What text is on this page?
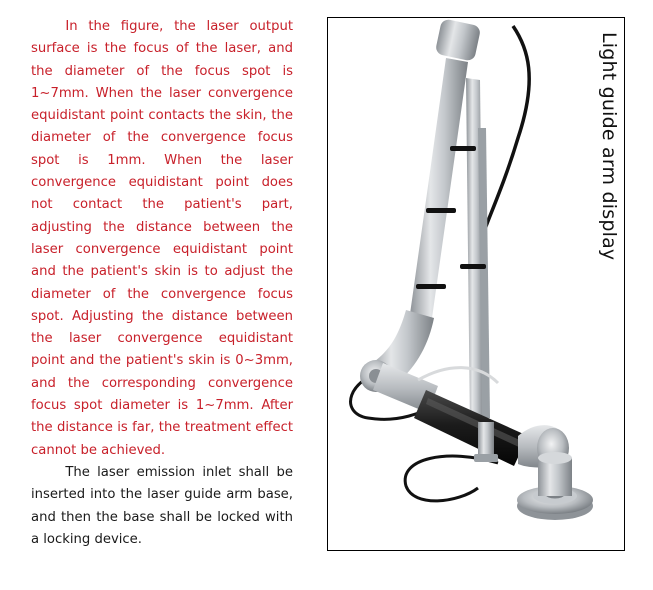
In the figure, the laser output surface is the focus of the laser, and the diameter of the focus spot is 1~7mm. When the laser convergence equidistant point contacts the skin, the diameter of the convergence focus spot is 1mm. When the laser convergence equidistant point does not contact the patient's part, adjusting the distance between the laser convergence equidistant point and the patient's skin is to adjust the diameter of the convergence focus spot. Adjusting the distance between the laser convergence equidistant point and the patient's skin is 0~3mm, and the corresponding convergence focus spot diameter is 1~7mm. After the distance is far, the treatment effect cannot be achieved.

The laser emission inlet shall be inserted into the laser guide arm base, and then the base shall be locked with a locking device.

Light guide arm display
